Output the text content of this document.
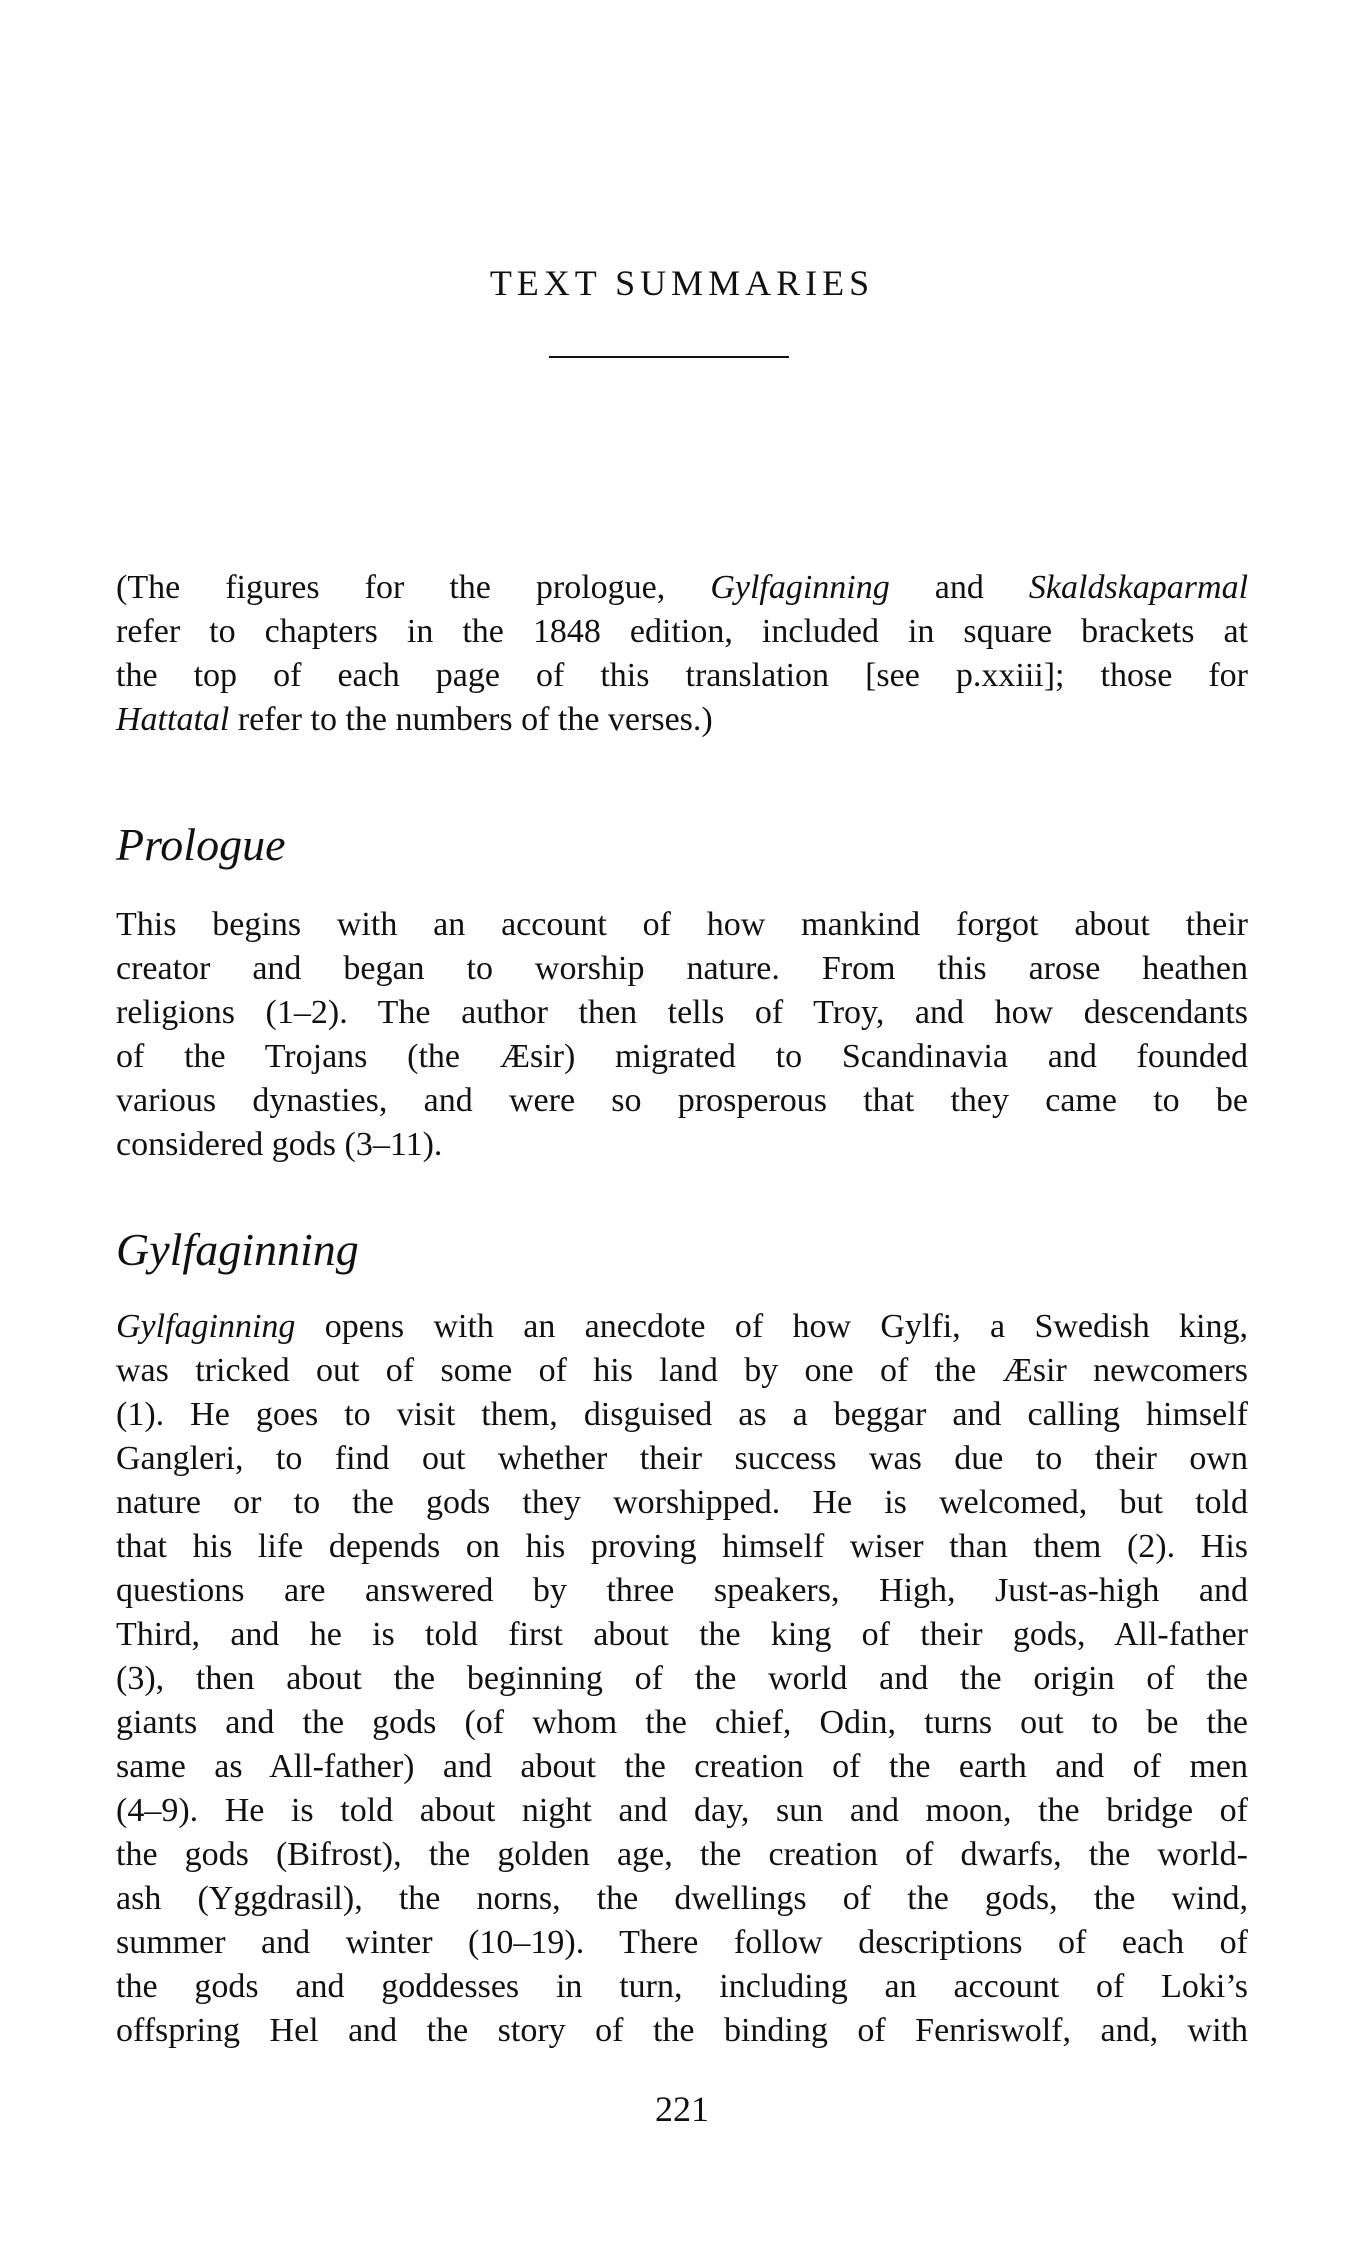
TEXT SUMMARIES
(The figures for the prologue, Gylfaginning and Skaldskaparmal
refer to chapters in the 1848 edition, included in square brackets at
the top of each page of this translation [see p.xxiii]; those for
Hattatal refer to the numbers of the verses.)
Prologue
This begins with an account of how mankind forgot about their
creator and began to worship nature. From this arose heathen
religions (1–2). The author then tells of Troy, and how descendants
of the Trojans (the Æsir) migrated to Scandinavia and founded
various dynasties, and were so prosperous that they came to be
considered gods (3–11).
Gylfaginning
Gylfaginning opens with an anecdote of how Gylfi, a Swedish king,
was tricked out of some of his land by one of the Æsir newcomers
(1). He goes to visit them, disguised as a beggar and calling himself
Gangleri, to find out whether their success was due to their own
nature or to the gods they worshipped. He is welcomed, but told
that his life depends on his proving himself wiser than them (2). His
questions are answered by three speakers, High, Just-as-high and
Third, and he is told first about the king of their gods, All-father
(3), then about the beginning of the world and the origin of the
giants and the gods (of whom the chief, Odin, turns out to be the
same as All-father) and about the creation of the earth and of men
(4–9). He is told about night and day, sun and moon, the bridge of
the gods (Bifrost), the golden age, the creation of dwarfs, the world-
ash (Yggdrasil), the norns, the dwellings of the gods, the wind,
summer and winter (10–19). There follow descriptions of each of
the gods and goddesses in turn, including an account of Loki’s
offspring Hel and the story of the binding of Fenriswolf, and, with
221
